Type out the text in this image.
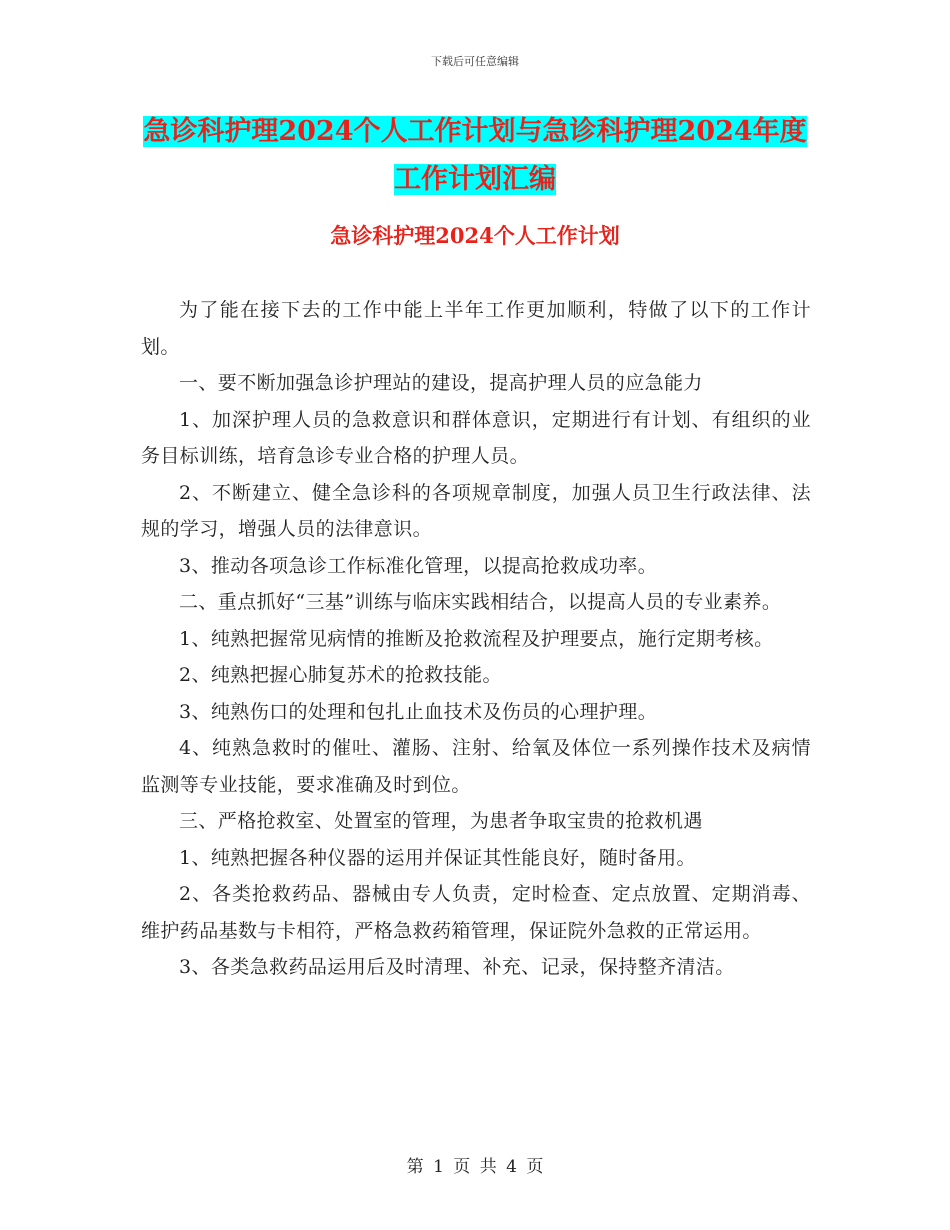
下载后可任意编辑
急诊科护理2024个人工作计划与急诊科护理2024年度工作计划汇编
急诊科护理2024个人工作计划

为了能在接下去的工作中能上半年工作更加顺利，特做了以下的工作计划。

一、要不断加强急诊护理站的建设，提高护理人员的应急能力

1、加深护理人员的急救意识和群体意识，定期进行有计划、有组织的业务目标训练，培育急诊专业合格的护理人员。

2、不断建立、健全急诊科的各项规章制度，加强人员卫生行政法律、法规的学习，增强人员的法律意识。

3、推动各项急诊工作标准化管理，以提高抢救成功率。

二、重点抓好“三基”训练与临床实践相结合，以提高人员的专业素养。

1、纯熟把握常见病情的推断及抢救流程及护理要点，施行定期考核。

2、纯熟把握心肺复苏术的抢救技能。

3、纯熟伤口的处理和包扎止血技术及伤员的心理护理。

4、纯熟急救时的催吐、灌肠、注射、给氧及体位一系列操作技术及病情监测等专业技能，要求准确及时到位。

三、严格抢救室、处置室的管理，为患者争取宝贵的抢救机遇

1、纯熟把握各种仪器的运用并保证其性能良好，随时备用。

2、各类抢救药品、器械由专人负责，定时检查、定点放置、定期消毒、维护药品基数与卡相符，严格急救药箱管理，保证院外急救的正常运用。

3、各类急救药品运用后及时清理、补充、记录，保持整齐清洁。

第 1 页 共 4 页
